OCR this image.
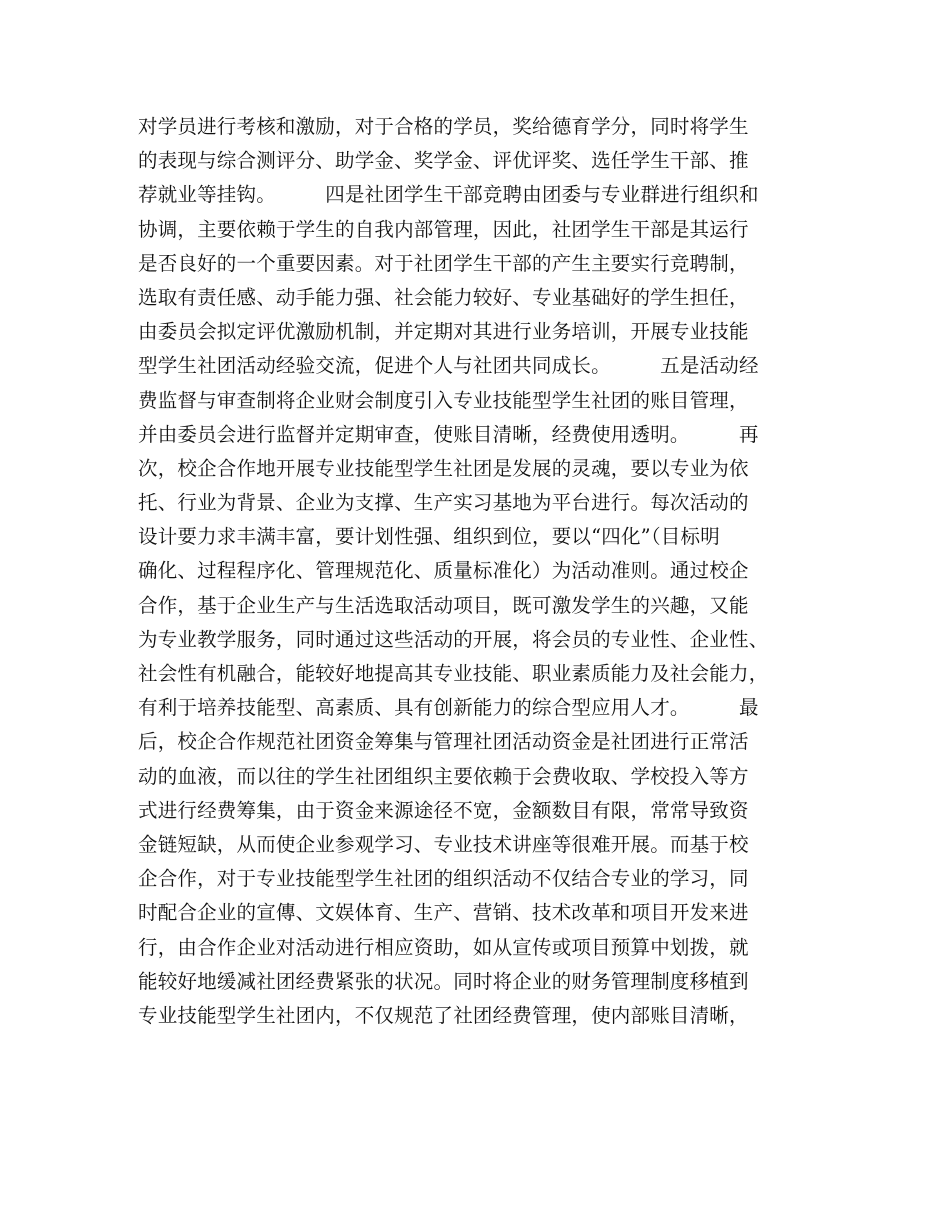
对学员进行考核和激励，对于合格的学员，奖给德育学分，同时将学生
的表现与综合测评分、助学金、奖学金、评优评奖、选任学生干部、推
荐就业等挂钩。　　　四是社团学生干部竞聘由团委与专业群进行组织和
协调，主要依赖于学生的自我内部管理，因此，社团学生干部是其运行
是否良好的一个重要因素。对于社团学生干部的产生主要实行竞聘制，
选取有责任感、动手能力强、社会能力较好、专业基础好的学生担任，
由委员会拟定评优激励机制，并定期对其进行业务培训，开展专业技能
型学生社团活动经验交流，促进个人与社团共同成长。　　　五是活动经
费监督与审查制将企业财会制度引入专业技能型学生社团的账目管理，
并由委员会进行监督并定期审查，使账目清晰，经费使用透明。　　　再
次，校企合作地开展专业技能型学生社团是发展的灵魂，要以专业为依
托、行业为背景、企业为支撑、生产实习基地为平台进行。每次活动的
设计要力求丰满丰富，要计划性强、组织到位，要以“四化”（目标明
确化、过程程序化、管理规范化、质量标准化）为活动准则。通过校企
合作，基于企业生产与生活选取活动项目，既可激发学生的兴趣，又能
为专业教学服务，同时通过这些活动的开展，将会员的专业性、企业性、
社会性有机融合，能较好地提高其专业技能、职业素质能力及社会能力，
有利于培养技能型、高素质、具有创新能力的综合型应用人才。　　　最
后，校企合作规范社团资金筹集与管理社团活动资金是社团进行正常活
动的血液，而以往的学生社团组织主要依赖于会费收取、学校投入等方
式进行经费筹集，由于资金来源途径不宽，金额数目有限，常常导致资
金链短缺，从而使企业参观学习、专业技术讲座等很难开展。而基于校
企合作，对于专业技能型学生社团的组织活动不仅结合专业的学习，同
时配合企业的宣傳、文娱体育、生产、营销、技术改革和项目开发来进
行，由合作企业对活动进行相应资助，如从宣传或项目预算中划拨，就
能较好地缓减社团经费紧张的状况。同时将企业的财务管理制度移植到
专业技能型学生社团内，不仅规范了社团经费管理，使内部账目清晰，
